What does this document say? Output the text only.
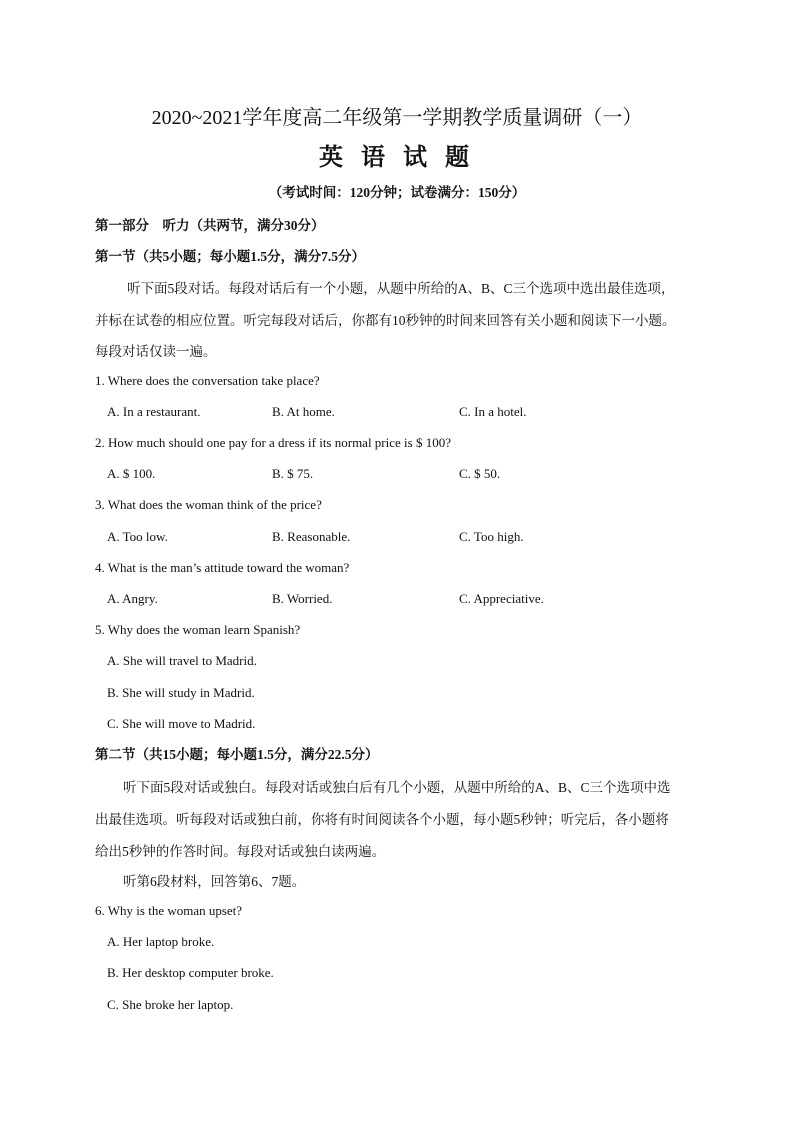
2020~2021学年度高二年级第一学期教学质量调研（一）
英 语 试 题
（考试时间：120分钟；试卷满分：150分）
第一部分　听力（共两节，满分30分）
第一节（共5小题；每小题1.5分，满分7.5分）
听下面5段对话。每段对话后有一个小题，从题中所给的A、B、C三个选项中选出最佳选项，
并标在试卷的相应位置。听完每段对话后，你都有10秒钟的时间来回答有关小题和阅读下一小题。
每段对话仅读一遍。
1. Where does the conversation take place?
A. In a restaurant.	B. At home.	C. In a hotel.
2. How much should one pay for a dress if its normal price is $ 100?
A. $ 100.	B. $ 75.	C. $ 50.
3. What does the woman think of the price?
A. Too low.	B. Reasonable.	C. Too high.
4. What is the man’s attitude toward the woman?
A. Angry.	B. Worried.	C. Appreciative.
5. Why does the woman learn Spanish?
A. She will travel to Madrid.
B. She will study in Madrid.
C. She will move to Madrid.
第二节（共15小题；每小题1.5分，满分22.5分）
听下面5段对话或独白。每段对话或独白后有几个小题，从题中所给的A、B、C三个选项中选
出最佳选项。听每段对话或独白前，你将有时间阅读各个小题，每小题5秒钟；听完后，各小题将
给出5秒钟的作答时间。每段对话或独白读两遍。
听第6段材料，回答第6、7题。
6. Why is the woman upset?
A. Her laptop broke.
B. Her desktop computer broke.
C. She broke her laptop.
